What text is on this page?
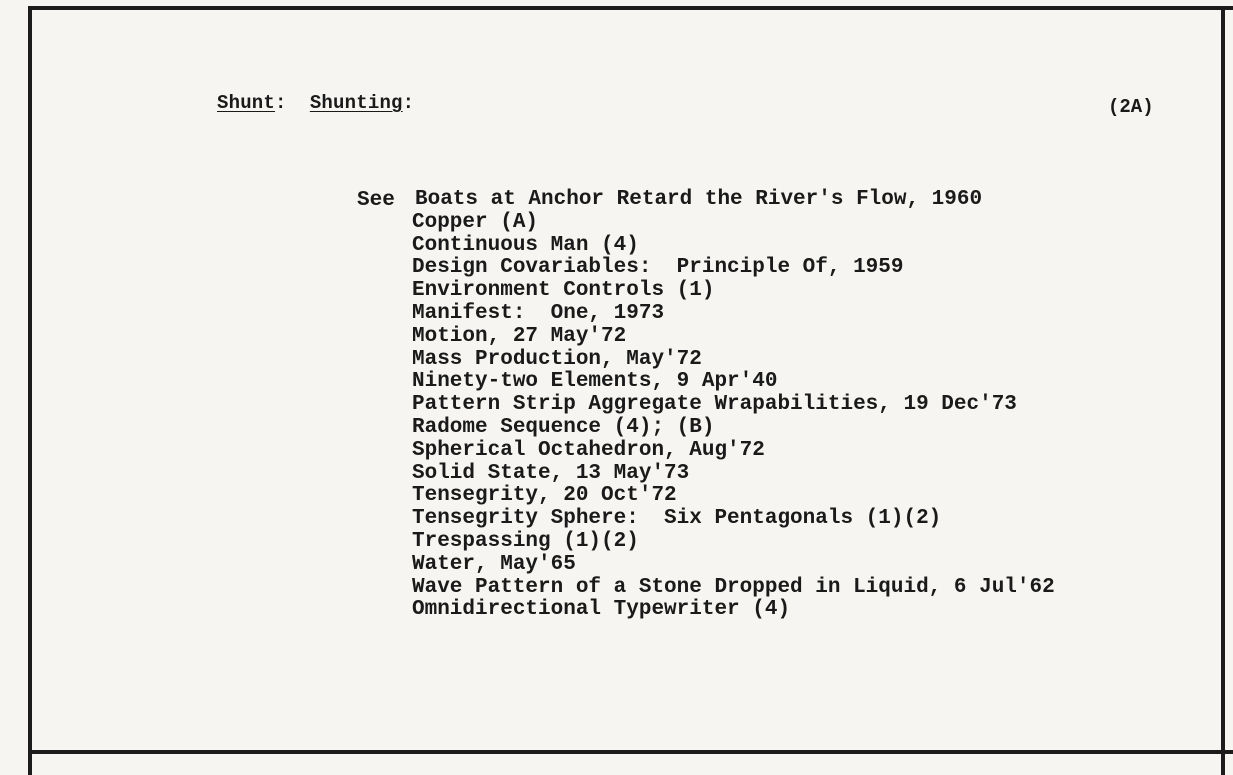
Shunt:  Shunting:	(2A)
See Boats at Anchor Retard the River's Flow, 1960
Copper (A)
Continuous Man (4)
Design Covariables:  Principle Of, 1959
Environment Controls (1)
Manifest:  One, 1973
Motion, 27 May'72
Mass Production, May'72
Ninety-two Elements, 9 Apr'40
Pattern Strip Aggregate Wrapabilities, 19 Dec'73
Radome Sequence (4); (B)
Spherical Octahedron, Aug'72
Solid State, 13 May'73
Tensegrity, 20 Oct'72
Tensegrity Sphere:  Six Pentagonals (1)(2)
Trespassing (1)(2)
Water, May'65
Wave Pattern of a Stone Dropped in Liquid, 6 Jul'62
Omnidirectional Typewriter (4)
